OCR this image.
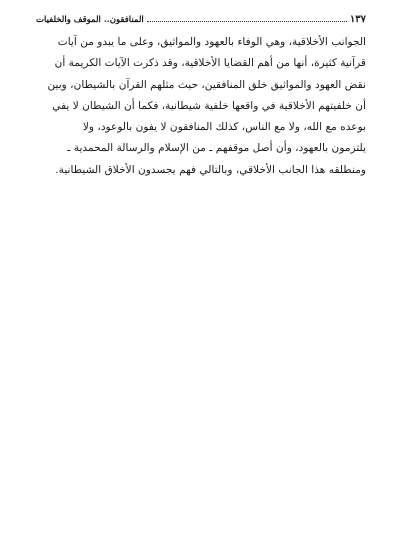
١٣٧
المنافقون.. الموقف والخلفيات
الجوانب الأخلاقية، وهي الوفاء بالعهود والمواثيق، وعلى ما يبدو من آيات
قرآنية كثيرة، أنها من أهم القضايا الأخلاقية، وقد ذكرت الآيات الكريمة أن
نقض العهود والمواثيق خلق المنافقين، حيث مثلهم القرآن بالشيطان، وبين
أن خلفيتهم الأخلاقية في واقعها خلفية شيطانية، فكما أن الشيطان لا يفي
بوعده مع الله، ولا مع الناس، كذلك المنافقون لا يفون بالوعود، ولا
يلتزمون بالعهود، وأن أصل موقفهم ـ من الإسلام والرسالة المحمدية ـ
ومنطلقه هذا الجانب الأخلاقي، وبالتالي فهم يجسدون الأخلاق الشيطانية.
